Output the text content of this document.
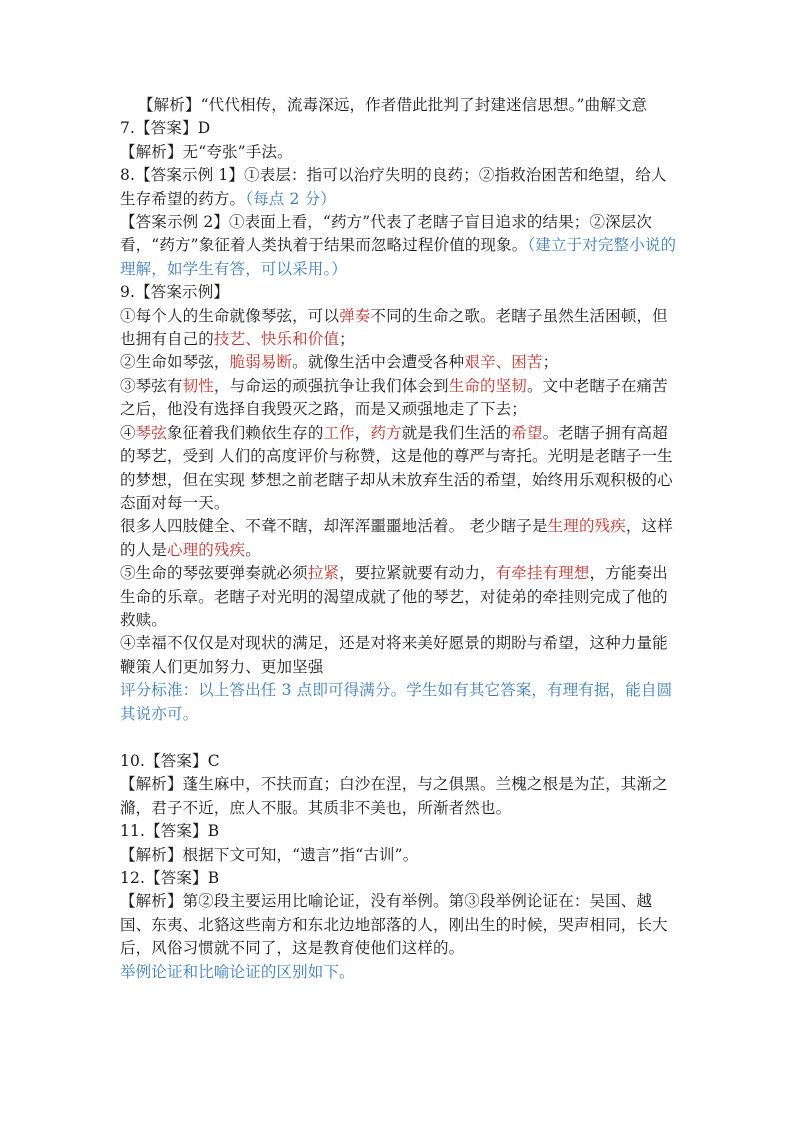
【解析】“代代相传，流毒深远，作者借此批判了封建迷信思想。”曲解文意

7.【答案】D

【解析】无“夸张”手法。

8.【答案示例 1】①表层：指可以治疗失明的良药；②指救治困苦和绝望，给人生存希望的药方。（每点 2 分）

【答案示例 2】①表面上看，“药方”代表了老瞎子盲目追求的结果；②深层次看，“药方”象征着人类执着于结果而忽略过程价值的现象。（建立于对完整小说的理解，如学生有答，可以采用。）

9.【答案示例】

①每个人的生命就像琴弦，可以弹奏不同的生命之歌。老瞎子虽然生活困顿，但也拥有自己的技艺、快乐和价值；

②生命如琴弦，脆弱易断。就像生活中会遭受各种艰辛、困苦；

③琴弦有韧性，与命运的顽强抗争让我们体会到生命的坚韧。文中老瞎子在痛苦 之后，他没有选择自我毁灭之路，而是又顽强地走了下去；

④琴弦象征着我们赖依生存的工作，药方就是我们生活的希望。老瞎子拥有高超的琴艺，受到 人们的高度评价与称赞，这是他的尊严与寄托。光明是老瞎子一生的梦想，但在实现 梦想之前老瞎子却从未放弃生活的希望，始终用乐观积极的心 态面对每一天。

很多人四肢健全、不聋不瞎，却浑浑噩噩地活着。 老少瞎子是生理的残疾，这样的人是心理的残疾。

⑤生命的琴弦要弹奏就必须拉紧，要拉紧就要有动力，有牵挂有理想，方能奏出生命的乐章。老瞎子对光明的渴望成就了他的琴艺，对徒弟的牵挂则完成了他的救赎。

④幸福不仅仅是对现状的满足，还是对将来美好愿景的期盼与希望，这种力量能鞭策人们更加努力、更加坚强

评分标准：以上答出任 3 点即可得满分。学生如有其它答案，有理有据，能自圆其说亦可。

10.【答案】C

【解析】蓬生麻中，不扶而直；白沙在涅，与之俱黑。兰槐之根是为芷，其渐之滫，君子不近，庶人不服。其质非不美也，所渐者然也。

11.【答案】B

【解析】根据下文可知，“遗言”指“古训”。

12.【答案】B

【解析】第②段主要运用比喻论证，没有举例。第③段举例论证在：吴国、越国、东夷、北貉这些南方和东北边地部落的人，刚出生的时候，哭声相同，长大后，风俗习惯就不同了，这是教育使他们这样的。

举例论证和比喻论证的区别如下。
